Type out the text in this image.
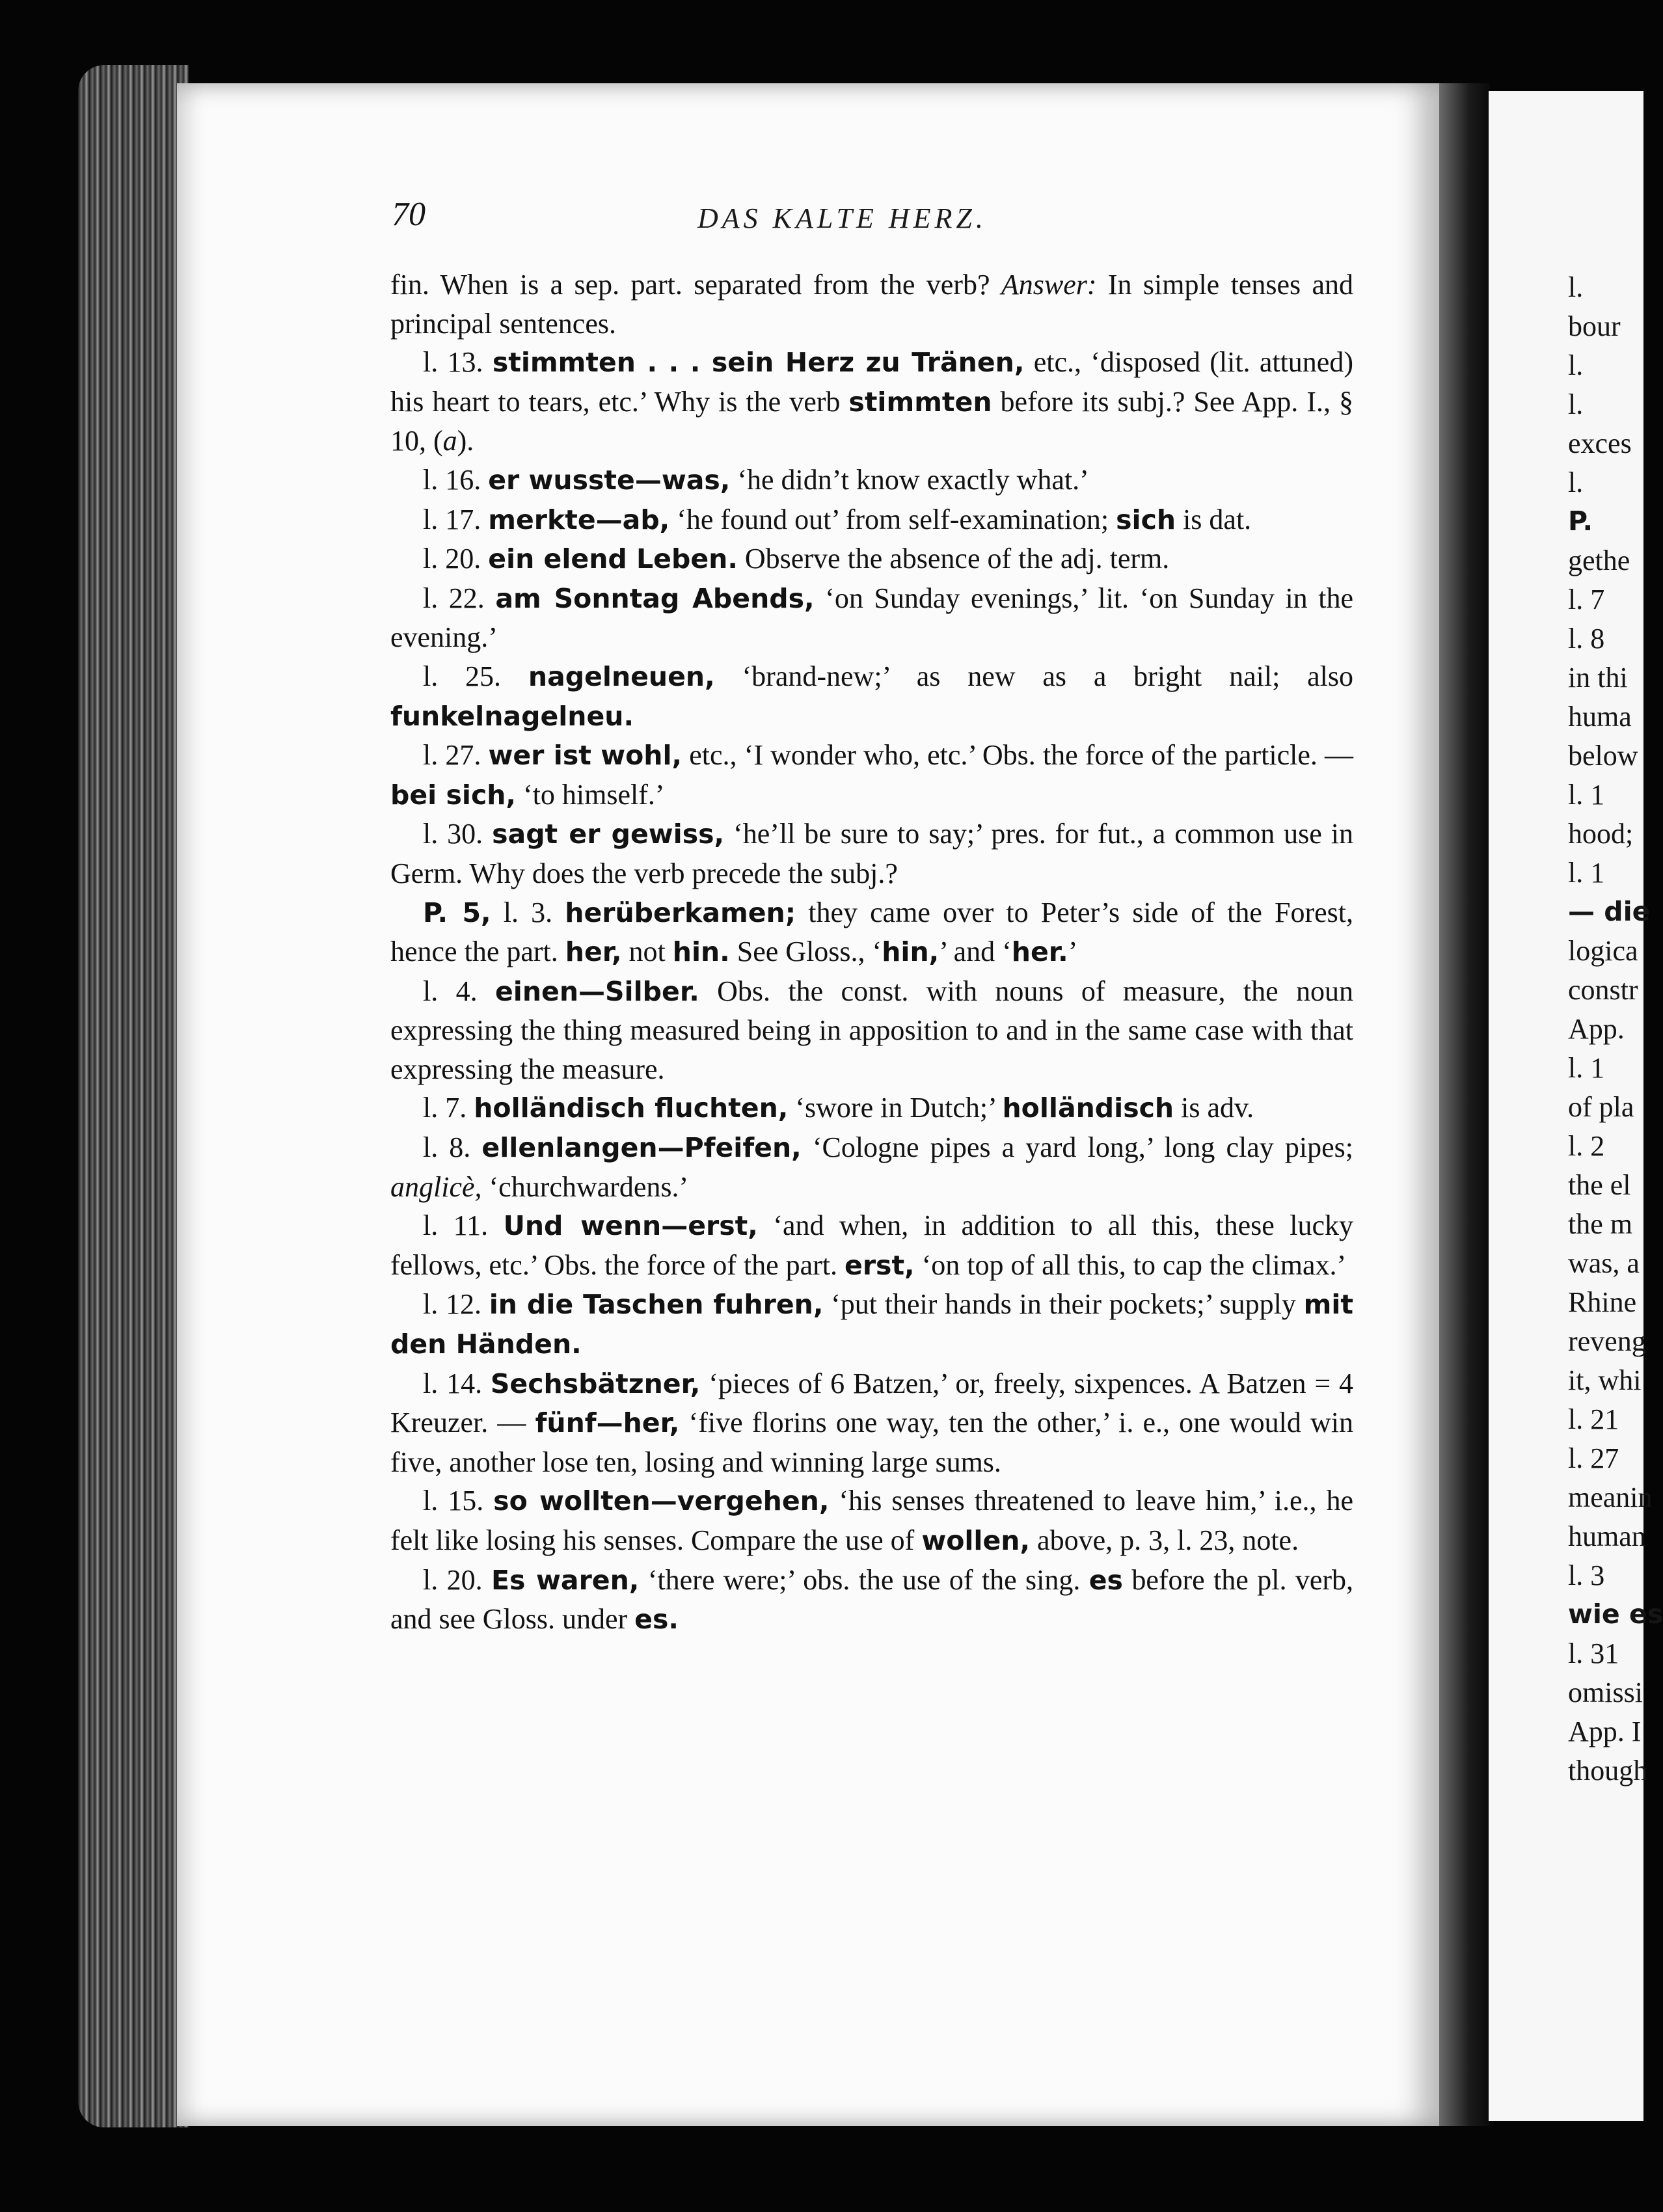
70	DAS KALTE HERZ.

fin. When is a sep. part. separated from the verb? Answer: In simple tenses and principal sentences.

l. 13. stimmten . . . sein Herz zu Tränen, etc., ‘disposed (lit. attuned) his heart to tears, etc.’ Why is the verb stimmten before its subj.? See App. I., § 10, (a).

l. 16. er wusste—was, ‘he didn’t know exactly what.’

l. 17. merkte—ab, ‘he found out’ from self-examination; sich is dat.

l. 20. ein elend Leben. Observe the absence of the adj. term.

l. 22. am Sonntag Abends, ‘on Sunday evenings,’ lit. ‘on Sunday in the evening.’

l. 25. nagelneuen, ‘brand-new;’ as new as a bright nail; also funkelnagelneu.

l. 27. wer ist wohl, etc., ‘I wonder who, etc.’ Obs. the force of the particle. — bei sich, ‘to himself.’

l. 30. sagt er gewiss, ‘he’ll be sure to say;’ pres. for fut., a common use in Germ. Why does the verb precede the subj.?

P. 5, l. 3. herüberkamen; they came over to Peter’s side of the Forest, hence the part. her, not hin. See Gloss., ‘hin,’ and ‘her.’

l. 4. einen—Silber. Obs. the const. with nouns of measure, the noun expressing the thing measured being in apposition to and in the same case with that expressing the measure.

l. 7. holländisch fluchten, ‘swore in Dutch;’ holländisch is adv.

l. 8. ellenlangen—Pfeifen, ‘Cologne pipes a yard long,’ long clay pipes; anglicè, ‘churchwardens.’

l. 11. Und wenn—erst, ‘and when, in addition to all this, these lucky fellows, etc.’ Obs. the force of the part. erst, ‘on top of all this, to cap the climax.’

l. 12. in die Taschen fuhren, ‘put their hands in their pockets;’ supply mit den Händen.

l. 14. Sechsbätzner, ‘pieces of 6 Batzen,’ or, freely, sixpences. A Batzen = 4 Kreuzer. — fünf—her, ‘five florins one way, ten the other,’ i. e., one would win five, another lose ten, losing and winning large sums.

l. 15. so wollten—vergehen, ‘his senses threatened to leave him,’ i.e., he felt like losing his senses. Compare the use of wollen, above, p. 3, l. 23, note.

l. 20. Es waren, ‘there were;’ obs. the use of the sing. es before the pl. verb, and see Gloss. under es.

l.
bour
l.
l.
exces
l.
P.
gethe
l. 7
l. 8
in thi
huma
below
l. 1
hood;
l. 1
— die
logica
constr
App.
l. 1
of pla
l. 2
the el
the m
was, a
Rhine
reveng
it, whi
l. 21
l. 27
meanin
human
l. 3
wie es
l. 31
omissi
App. I
though
